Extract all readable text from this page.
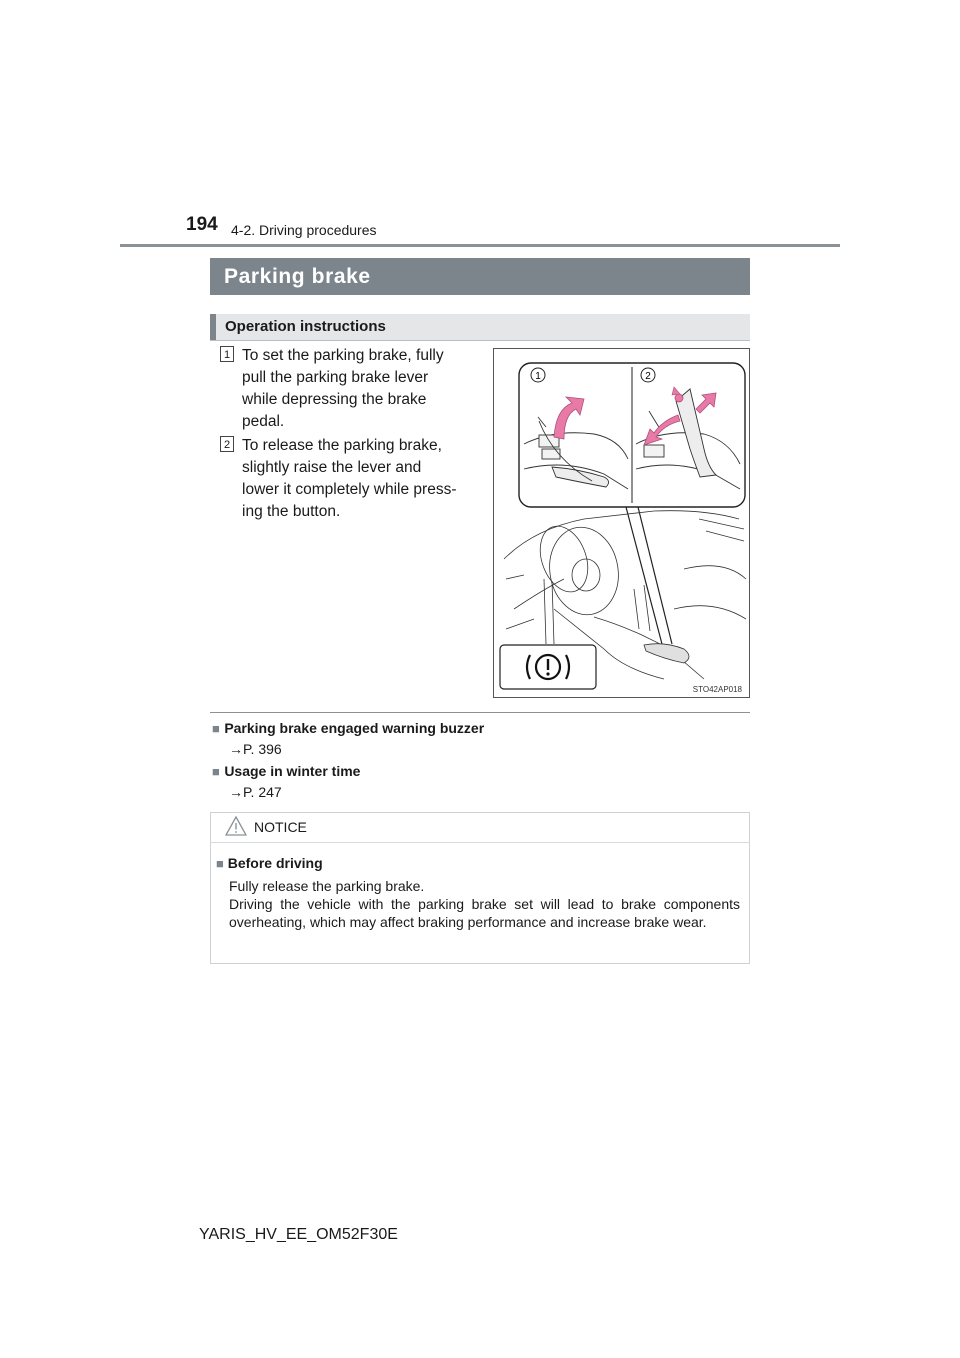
194 4-2. Driving procedures
Parking brake
Operation instructions
1 To set the parking brake, fully
pull the parking brake lever
while depressing the brake
pedal.
2 To release the parking brake,
slightly raise the lever and
lower it completely while press-
ing the button.
1	2
STO42AP018
■ Parking brake engaged warning buzzer
→P. 396
■ Usage in winter time
→P. 247
NOTICE
■ Before driving
Fully release the parking brake.
Driving the vehicle with the parking brake set will lead to brake components overheating, which may affect braking performance and increase brake wear.
YARIS_HV_EE_OM52F30E
